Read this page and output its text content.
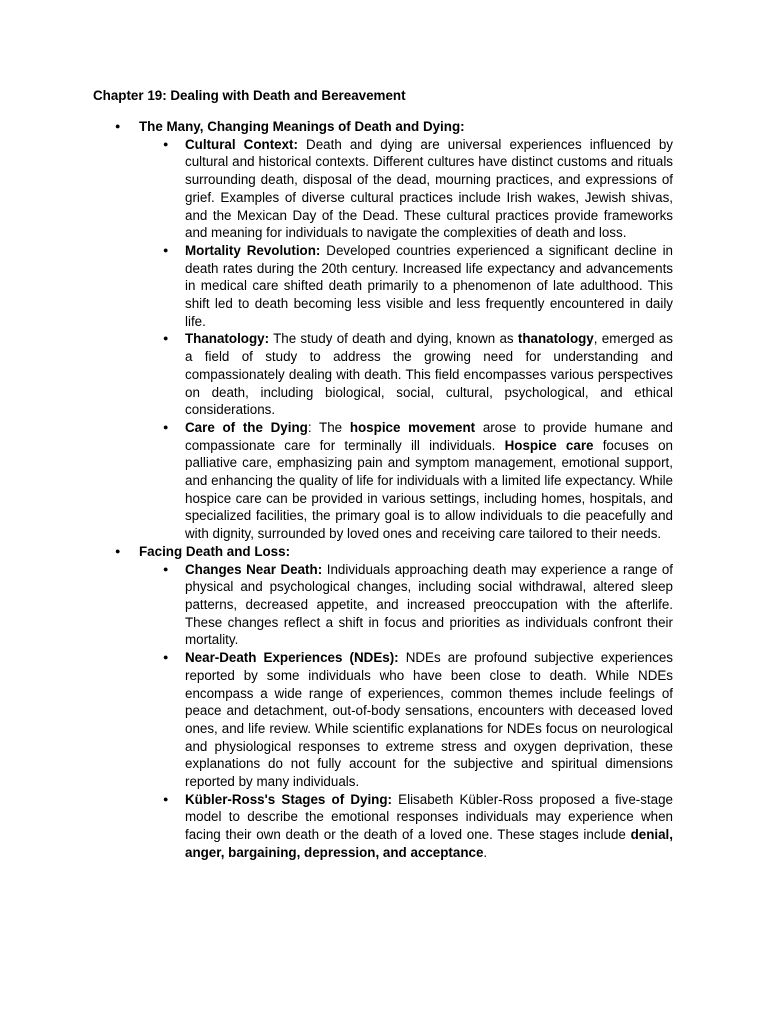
Chapter 19: Dealing with Death and Bereavement
● The Many, Changing Meanings of Death and Dying:
● Cultural Context: Death and dying are universal experiences influenced by cultural and historical contexts. Different cultures have distinct customs and rituals surrounding death, disposal of the dead, mourning practices, and expressions of grief. Examples of diverse cultural practices include Irish wakes, Jewish shivas, and the Mexican Day of the Dead. These cultural practices provide frameworks and meaning for individuals to navigate the complexities of death and loss.
● Mortality Revolution: Developed countries experienced a significant decline in death rates during the 20th century. Increased life expectancy and advancements in medical care shifted death primarily to a phenomenon of late adulthood. This shift led to death becoming less visible and less frequently encountered in daily life.
● Thanatology: The study of death and dying, known as thanatology, emerged as a field of study to address the growing need for understanding and compassionately dealing with death. This field encompasses various perspectives on death, including biological, social, cultural, psychological, and ethical considerations.
● Care of the Dying: The hospice movement arose to provide humane and compassionate care for terminally ill individuals. Hospice care focuses on palliative care, emphasizing pain and symptom management, emotional support, and enhancing the quality of life for individuals with a limited life expectancy. While hospice care can be provided in various settings, including homes, hospitals, and specialized facilities, the primary goal is to allow individuals to die peacefully and with dignity, surrounded by loved ones and receiving care tailored to their needs.
● Facing Death and Loss:
● Changes Near Death: Individuals approaching death may experience a range of physical and psychological changes, including social withdrawal, altered sleep patterns, decreased appetite, and increased preoccupation with the afterlife. These changes reflect a shift in focus and priorities as individuals confront their mortality.
● Near-Death Experiences (NDEs): NDEs are profound subjective experiences reported by some individuals who have been close to death. While NDEs encompass a wide range of experiences, common themes include feelings of peace and detachment, out-of-body sensations, encounters with deceased loved ones, and life review. While scientific explanations for NDEs focus on neurological and physiological responses to extreme stress and oxygen deprivation, these explanations do not fully account for the subjective and spiritual dimensions reported by many individuals.
● Kübler-Ross's Stages of Dying: Elisabeth Kübler-Ross proposed a five-stage model to describe the emotional responses individuals may experience when facing their own death or the death of a loved one. These stages include denial, anger, bargaining, depression, and acceptance.
